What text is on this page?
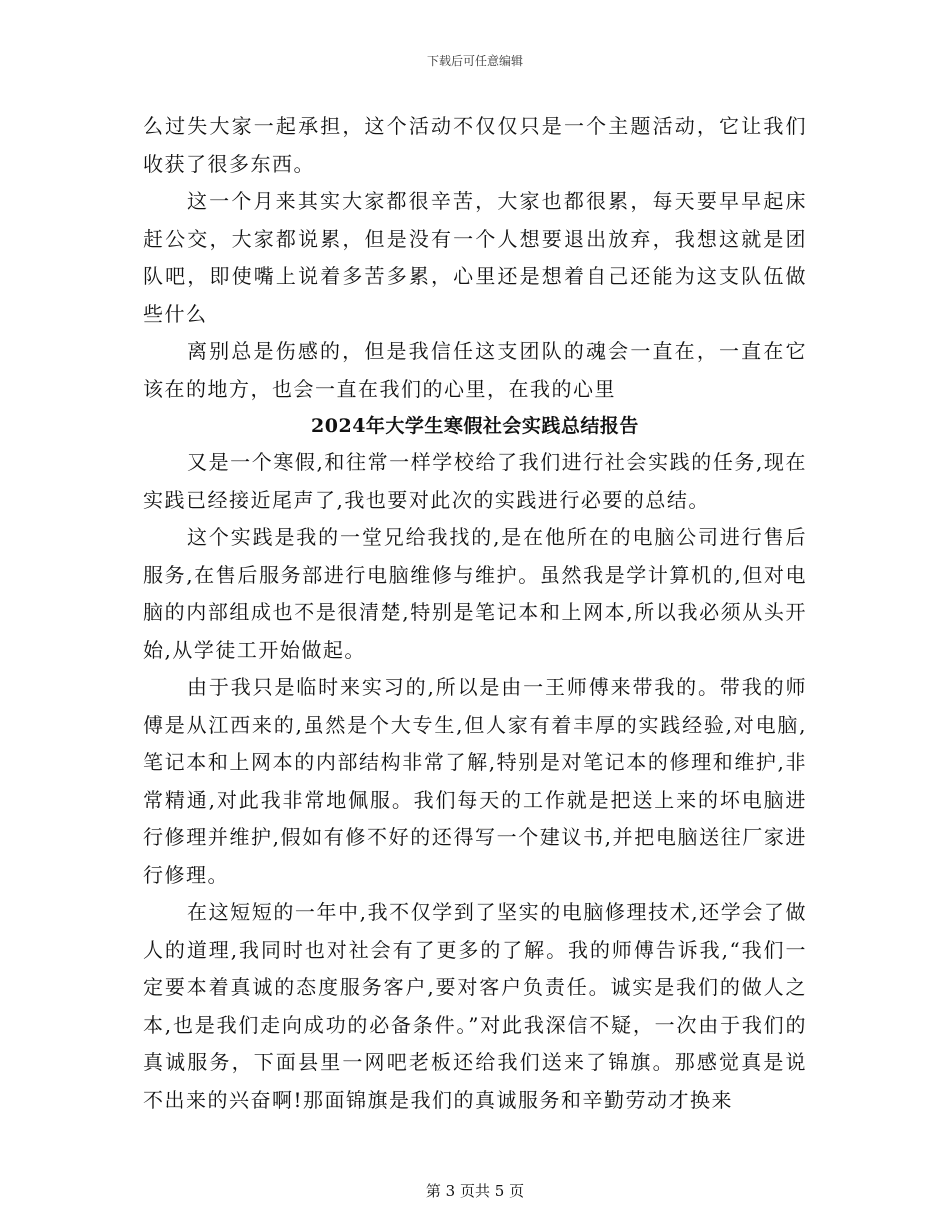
下载后可任意编辑

么过失大家一起承担，这个活动不仅仅只是一个主题活动，它让我们收获了很多东西。

这一个月来其实大家都很辛苦，大家也都很累，每天要早早起床赶公交，大家都说累，但是没有一个人想要退出放弃，我想这就是团队吧，即使嘴上说着多苦多累，心里还是想着自己还能为这支队伍做些什么

离别总是伤感的，但是我信任这支团队的魂会一直在，一直在它该在的地方，也会一直在我们的心里，在我的心里

2024年大学生寒假社会实践总结报告

又是一个寒假,和往常一样学校给了我们进行社会实践的任务,现在实践已经接近尾声了,我也要对此次的实践进行必要的总结。

这个实践是我的一堂兄给我找的,是在他所在的电脑公司进行售后服务,在售后服务部进行电脑维修与维护。虽然我是学计算机的,但对电脑的内部组成也不是很清楚,特别是笔记本和上网本,所以我必须从头开始,从学徒工开始做起。

由于我只是临时来实习的,所以是由一王师傅来带我的。带我的师傅是从江西来的,虽然是个大专生,但人家有着丰厚的实践经验,对电脑,笔记本和上网本的内部结构非常了解,特别是对笔记本的修理和维护,非常精通,对此我非常地佩服。我们每天的工作就是把送上来的坏电脑进行修理并维护,假如有修不好的还得写一个建议书,并把电脑送往厂家进行修理。

在这短短的一年中,我不仅学到了坚实的电脑修理技术,还学会了做人的道理,我同时也对社会有了更多的了解。我的师傅告诉我,“我们一定要本着真诚的态度服务客户,要对客户负责任。诚实是我们的做人之本,也是我们走向成功的必备条件。”对此我深信不疑，一次由于我们的真诚服务，下面县里一网吧老板还给我们送来了锦旗。那感觉真是说不出来的兴奋啊!那面锦旗是我们的真诚服务和辛勤劳动才换来

第 3 页共 5 页
